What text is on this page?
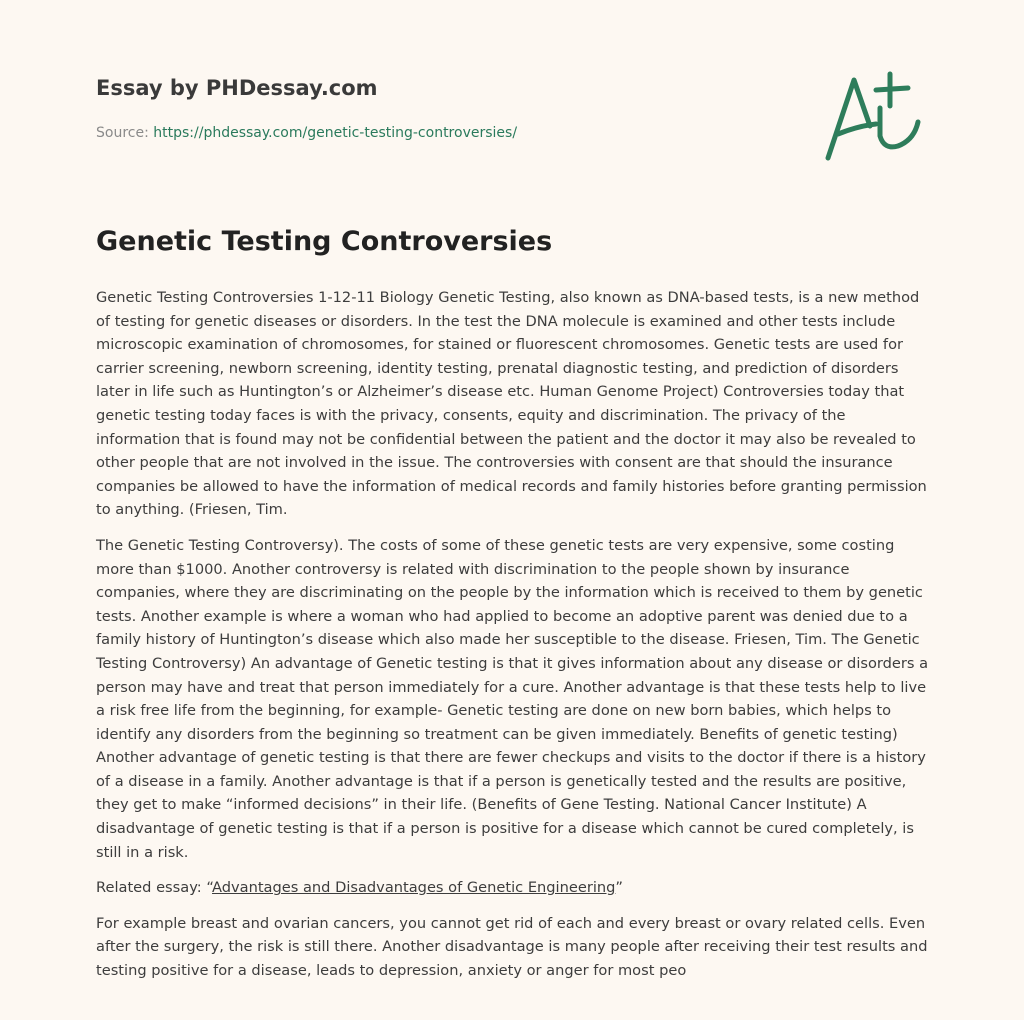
Essay by PHDessay.com
Source: https://phdessay.com/genetic-testing-controversies/
Genetic Testing Controversies

Genetic Testing Controversies 1-12-11 Biology Genetic Testing, also known as DNA-based tests, is a new method of testing for genetic diseases or disorders. In the test the DNA molecule is examined and other tests include microscopic examination of chromosomes, for stained or fluorescent chromosomes. Genetic tests are used for carrier screening, newborn screening, identity testing, prenatal diagnostic testing, and prediction of disorders later in life such as Huntington’s or Alzheimer’s disease etc. Human Genome Project) Controversies today that genetic testing today faces is with the privacy, consents, equity and discrimination. The privacy of the information that is found may not be confidential between the patient and the doctor it may also be revealed to other people that are not involved in the issue. The controversies with consent are that should the insurance companies be allowed to have the information of medical records and family histories before granting permission to anything. (Friesen, Tim.

The Genetic Testing Controversy). The costs of some of these genetic tests are very expensive, some costing more than $1000. Another controversy is related with discrimination to the people shown by insurance companies, where they are discriminating on the people by the information which is received to them by genetic tests. Another example is where a woman who had applied to become an adoptive parent was denied due to a family history of Huntington’s disease which also made her susceptible to the disease. Friesen, Tim. The Genetic Testing Controversy) An advantage of Genetic testing is that it gives information about any disease or disorders a person may have and treat that person immediately for a cure. Another advantage is that these tests help to live a risk free life from the beginning, for example- Genetic testing are done on new born babies, which helps to identify any disorders from the beginning so treatment can be given immediately. Benefits of genetic testing) Another advantage of genetic testing is that there are fewer checkups and visits to the doctor if there is a history of a disease in a family. Another advantage is that if a person is genetically tested and the results are positive, they get to make “informed decisions” in their life. (Benefits of Gene Testing. National Cancer Institute) A disadvantage of genetic testing is that if a person is positive for a disease which cannot be cured completely, is still in a risk.

Related essay: “Advantages and Disadvantages of Genetic Engineering”

For example breast and ovarian cancers, you cannot get rid of each and every breast or ovary related cells. Even after the surgery, the risk is still there. Another disadvantage is many people after receiving their test results and testing positive for a disease, leads to depression, anxiety or anger for most peo
